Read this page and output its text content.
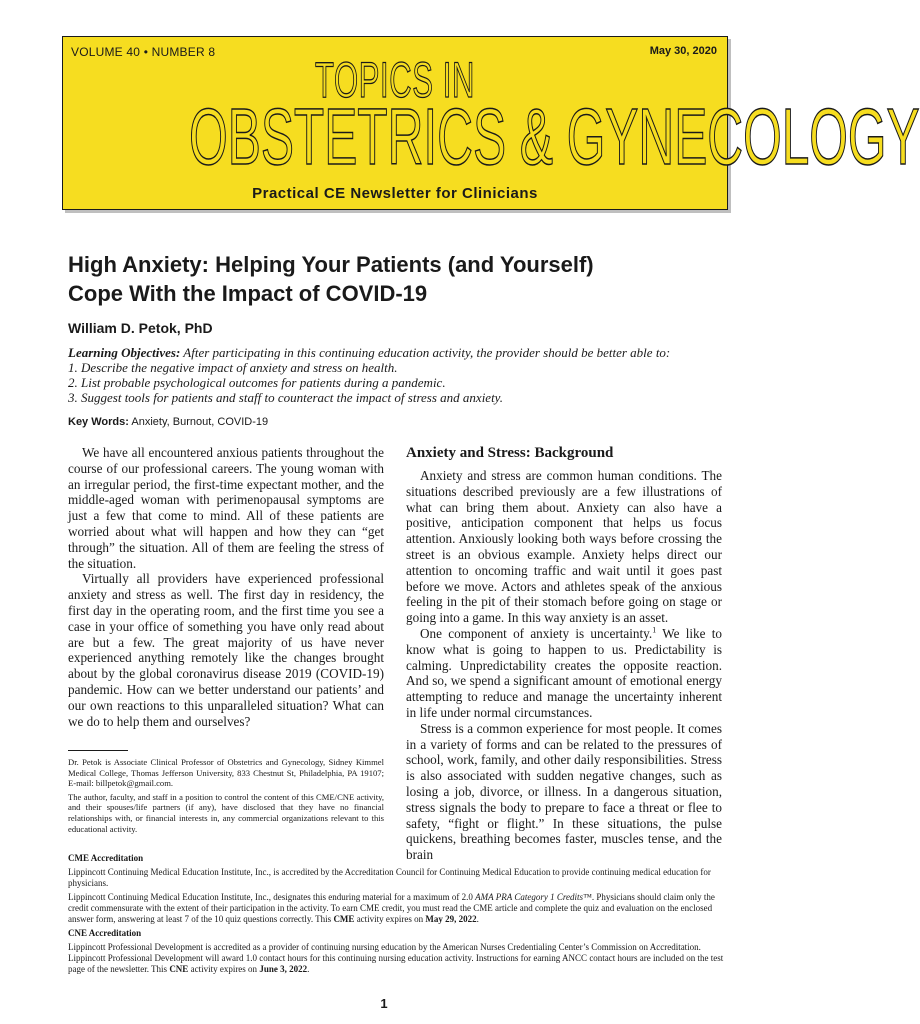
VOLUME 40 • NUMBER 8	May 30, 2020
TOPICS IN
OBSTETRICS & GYNECOLOGY
Practical CE Newsletter for Clinicians
High Anxiety: Helping Your Patients (and Yourself)
Cope With the Impact of COVID-19
William D. Petok, PhD
Learning Objectives: After participating in this continuing education activity, the provider should be better able to:
1. Describe the negative impact of anxiety and stress on health.
2. List probable psychological outcomes for patients during a pandemic.
3. Suggest tools for patients and staff to counteract the impact of stress and anxiety.
Key Words: Anxiety, Burnout, COVID-19

We have all encountered anxious patients throughout the course of our professional careers. The young woman with an irregular period, the first-time expectant mother, and the middle-aged woman with perimenopausal symptoms are just a few that come to mind. All of these patients are worried about what will happen and how they can “get through” the situation. All of them are feeling the stress of the situation.

Virtually all providers have experienced professional anxiety and stress as well. The first day in residency, the first day in the operating room, and the first time you see a case in your office of something you have only read about are but a few. The great majority of us have never experienced anything remotely like the changes brought about by the global coronavirus disease 2019 (COVID-19) pandemic. How can we better understand our patients’ and our own reactions to this unparalleled situation? What can we do to help them and ourselves?

Anxiety and Stress: Background

Anxiety and stress are common human conditions. The situations described previously are a few illustrations of what can bring them about. Anxiety can also have a positive, anticipation component that helps us focus attention. Anxiously looking both ways before crossing the street is an obvious example. Anxiety helps direct our attention to oncoming traffic and wait until it goes past before we move. Actors and athletes speak of the anxious feeling in the pit of their stomach before going on stage or going into a game. In this way anxiety is an asset.

One component of anxiety is uncertainty.$^1$ We like to know what is going to happen to us. Predictability is calming. Unpredictability creates the opposite reaction. And so, we spend a significant amount of emotional energy attempting to reduce and manage the uncertainty inherent in life under normal circumstances.

Stress is a common experience for most people. It comes in a variety of forms and can be related to the pressures of school, work, family, and other daily responsibilities. Stress is also associated with sudden negative changes, such as losing a job, divorce, or illness. In a dangerous situation, stress signals the body to prepare to face a threat or flee to safety, “fight or flight.” In these situations, the pulse quickens, breathing becomes faster, muscles tense, and the brain

Dr. Petok is Associate Clinical Professor of Obstetrics and Gynecology, Sidney Kimmel Medical College, Thomas Jefferson University, 833 Chestnut St, Philadelphia, PA 19107; E-mail: billpetok@gmail.com.

The author, faculty, and staff in a position to control the content of this CME/CNE activity, and their spouses/life partners (if any), have disclosed that they have no financial relationships with, or financial interests in, any commercial organizations relevant to this educational activity.

CME Accreditation

Lippincott Continuing Medical Education Institute, Inc., is accredited by the Accreditation Council for Continuing Medical Education to provide continuing medical education for physicians.

Lippincott Continuing Medical Education Institute, Inc., designates this enduring material for a maximum of 2.0 AMA PRA Category 1 Credits™. Physicians should claim only the credit commensurate with the extent of their participation in the activity. To earn CME credit, you must read the CME article and complete the quiz and evaluation on the enclosed answer form, answering at least 7 of the 10 quiz questions correctly. This CME activity expires on May 29, 2022.

CNE Accreditation

Lippincott Professional Development is accredited as a provider of continuing nursing education by the American Nurses Credentialing Center’s Commission on Accreditation. Lippincott Professional Development will award 1.0 contact hours for this continuing nursing education activity. Instructions for earning ANCC contact hours are included on the test page of the newsletter. This CNE activity expires on June 3, 2022.

1
